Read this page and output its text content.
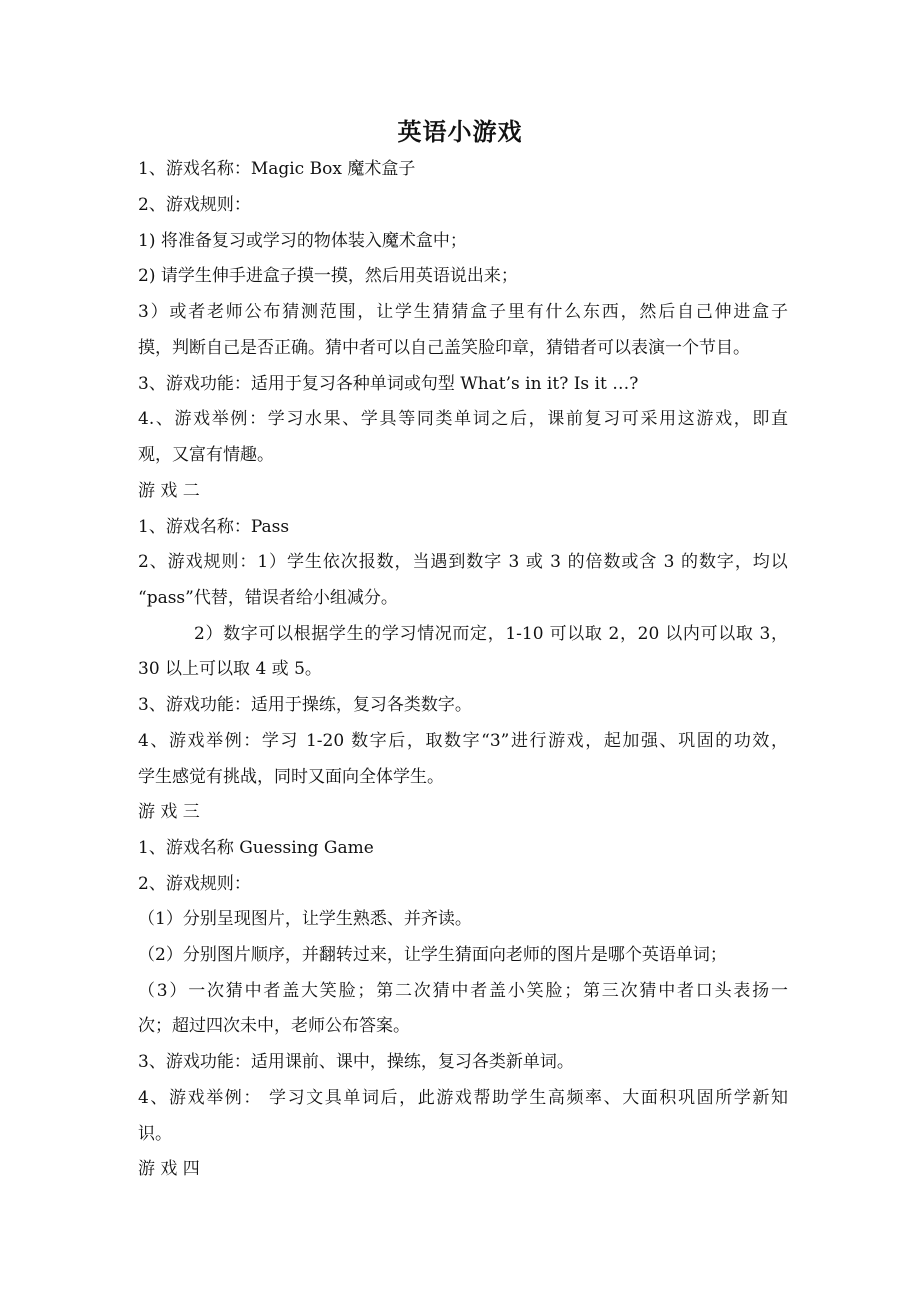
英语小游戏
1、游戏名称：Magic Box 魔术盒子
2、游戏规则：
1) 将准备复习或学习的物体装入魔术盒中；
2) 请学生伸手进盒子摸一摸，然后用英语说出来；
3）或者老师公布猜测范围，让学生猜猜盒子里有什么东西，然后自己伸进盒子
摸，判断自己是否正确。猜中者可以自己盖笑脸印章，猜错者可以表演一个节目。
3、游戏功能：适用于复习各种单词或句型 What’s in it? Is it …?
4.、游戏举例：学习水果、学具等同类单词之后，课前复习可采用这游戏，即直
观，又富有情趣。
游 戏 二
1、游戏名称：Pass
2、游戏规则：1）学生依次报数，当遇到数字 3 或 3 的倍数或含 3 的数字，均以
“pass”代替，错误者给小组减分。
2）数字可以根据学生的学习情况而定，1-10 可以取 2，20 以内可以取 3，
30 以上可以取 4 或 5。
3、游戏功能：适用于操练，复习各类数字。
4、游戏举例：学习 1-20 数字后，取数字“3”进行游戏，起加强、巩固的功效，
学生感觉有挑战，同时又面向全体学生。
游 戏 三
1、游戏名称 Guessing Game
2、游戏规则：
（1）分别呈现图片，让学生熟悉、并齐读。
（2）分别图片顺序，并翻转过来，让学生猜面向老师的图片是哪个英语单词；
（3）一次猜中者盖大笑脸；第二次猜中者盖小笑脸；第三次猜中者口头表扬一
次；超过四次未中，老师公布答案。
3、游戏功能：适用课前、课中，操练，复习各类新单词。
4、游戏举例： 学习文具单词后，此游戏帮助学生高频率、大面积巩固所学新知
识。
游 戏 四
